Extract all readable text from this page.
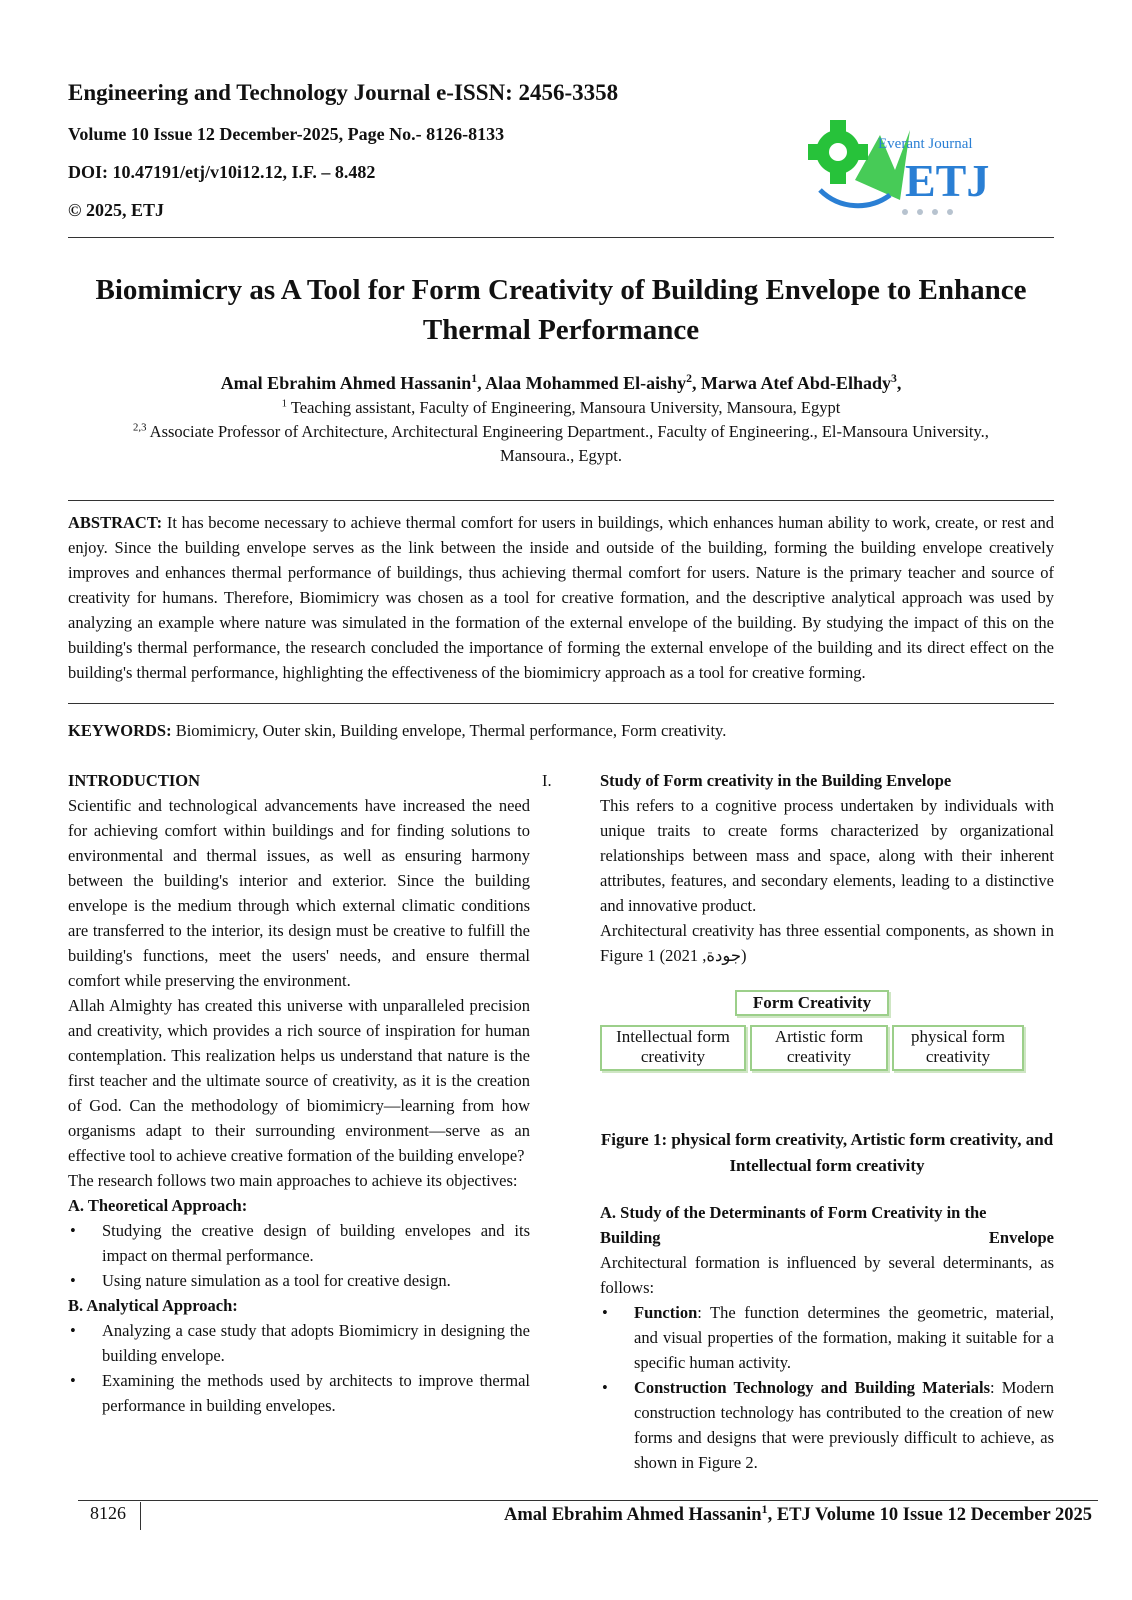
Engineering and Technology Journal e-ISSN: 2456-3358
Volume 10 Issue 12 December-2025, Page No.- 8126-8133
DOI: 10.47191/etj/v10i12.12, I.F. – 8.482
© 2025, ETJ
Everant Journal
ETJ
Biomimicry as A Tool for Form Creativity of Building Envelope to Enhance
Thermal Performance
Amal Ebrahim Ahmed Hassanin$^1$, Alaa Mohammed El-aishy$^2$, Marwa Atef Abd-Elhady$^3$,
$^1$ Teaching assistant, Faculty of Engineering, Mansoura University, Mansoura, Egypt
$^{2,3}$ Associate Professor of Architecture, Architectural Engineering Department., Faculty of Engineering., El-Mansoura University.,
Mansoura., Egypt.
ABSTRACT: It has become necessary to achieve thermal comfort for users in buildings, which enhances human ability to work, create, or rest and enjoy. Since the building envelope serves as the link between the inside and outside of the building, forming the building envelope creatively improves and enhances thermal performance of buildings, thus achieving thermal comfort for users. Nature is the primary teacher and source of creativity for humans. Therefore, Biomimicry was chosen as a tool for creative formation, and the descriptive analytical approach was used by analyzing an example where nature was simulated in the formation of the external envelope of the building. By studying the impact of this on the building's thermal performance, the research concluded the importance of forming the external envelope of the building and its direct effect on the building's thermal performance, highlighting the effectiveness of the biomimicry approach as a tool for creative forming.
KEYWORDS: Biomimicry, Outer skin, Building envelope, Thermal performance, Form creativity.

INTRODUCTION

Scientific and technological advancements have increased the need for achieving comfort within buildings and for finding solutions to environmental and thermal issues, as well as ensuring harmony between the building's interior and exterior. Since the building envelope is the medium through which external climatic conditions are transferred to the interior, its design must be creative to fulfill the building's functions, meet the users' needs, and ensure thermal comfort while preserving the environment.

Allah Almighty has created this universe with unparalleled precision and creativity, which provides a rich source of inspiration for human contemplation. This realization helps us understand that nature is the first teacher and the ultimate source of creativity, as it is the creation of God. Can the methodology of biomimicry—learning from how organisms adapt to their surrounding environment—serve as an effective tool to achieve creative formation of the building envelope?

The research follows two main approaches to achieve its objectives:

A. Theoretical Approach:

• Studying the creative design of building envelopes and its impact on thermal performance.

• Using nature simulation as a tool for creative design.

B. Analytical Approach:

• Analyzing a case study that adopts Biomimicry in designing the building envelope.

• Examining the methods used by architects to improve thermal performance in building envelopes.

I.	Study of Form creativity in the Building Envelope

This refers to a cognitive process undertaken by individuals with unique traits to create forms characterized by organizational relationships between mass and space, along with their inherent attributes, features, and secondary elements, leading to a distinctive and innovative product.

Architectural creativity has three essential components, as shown in Figure 1 (2021 ,جودة)

Form Creativity
Intellectual form creativity
Artistic form creativity
physical form creativity
Figure 1: physical form creativity, Artistic form creativity, and Intellectual form creativity

A. Study of the Determinants of Form Creativity in the

Building	Envelope

Architectural formation is influenced by several determinants, as follows:

• Function: The function determines the geometric, material, and visual properties of the formation, making it suitable for a specific human activity.

• Construction Technology and Building Materials: Modern construction technology has contributed to the creation of new forms and designs that were previously difficult to achieve, as shown in Figure 2.

8126	Amal Ebrahim Ahmed Hassanin$^1$, ETJ Volume 10 Issue 12 December 2025
